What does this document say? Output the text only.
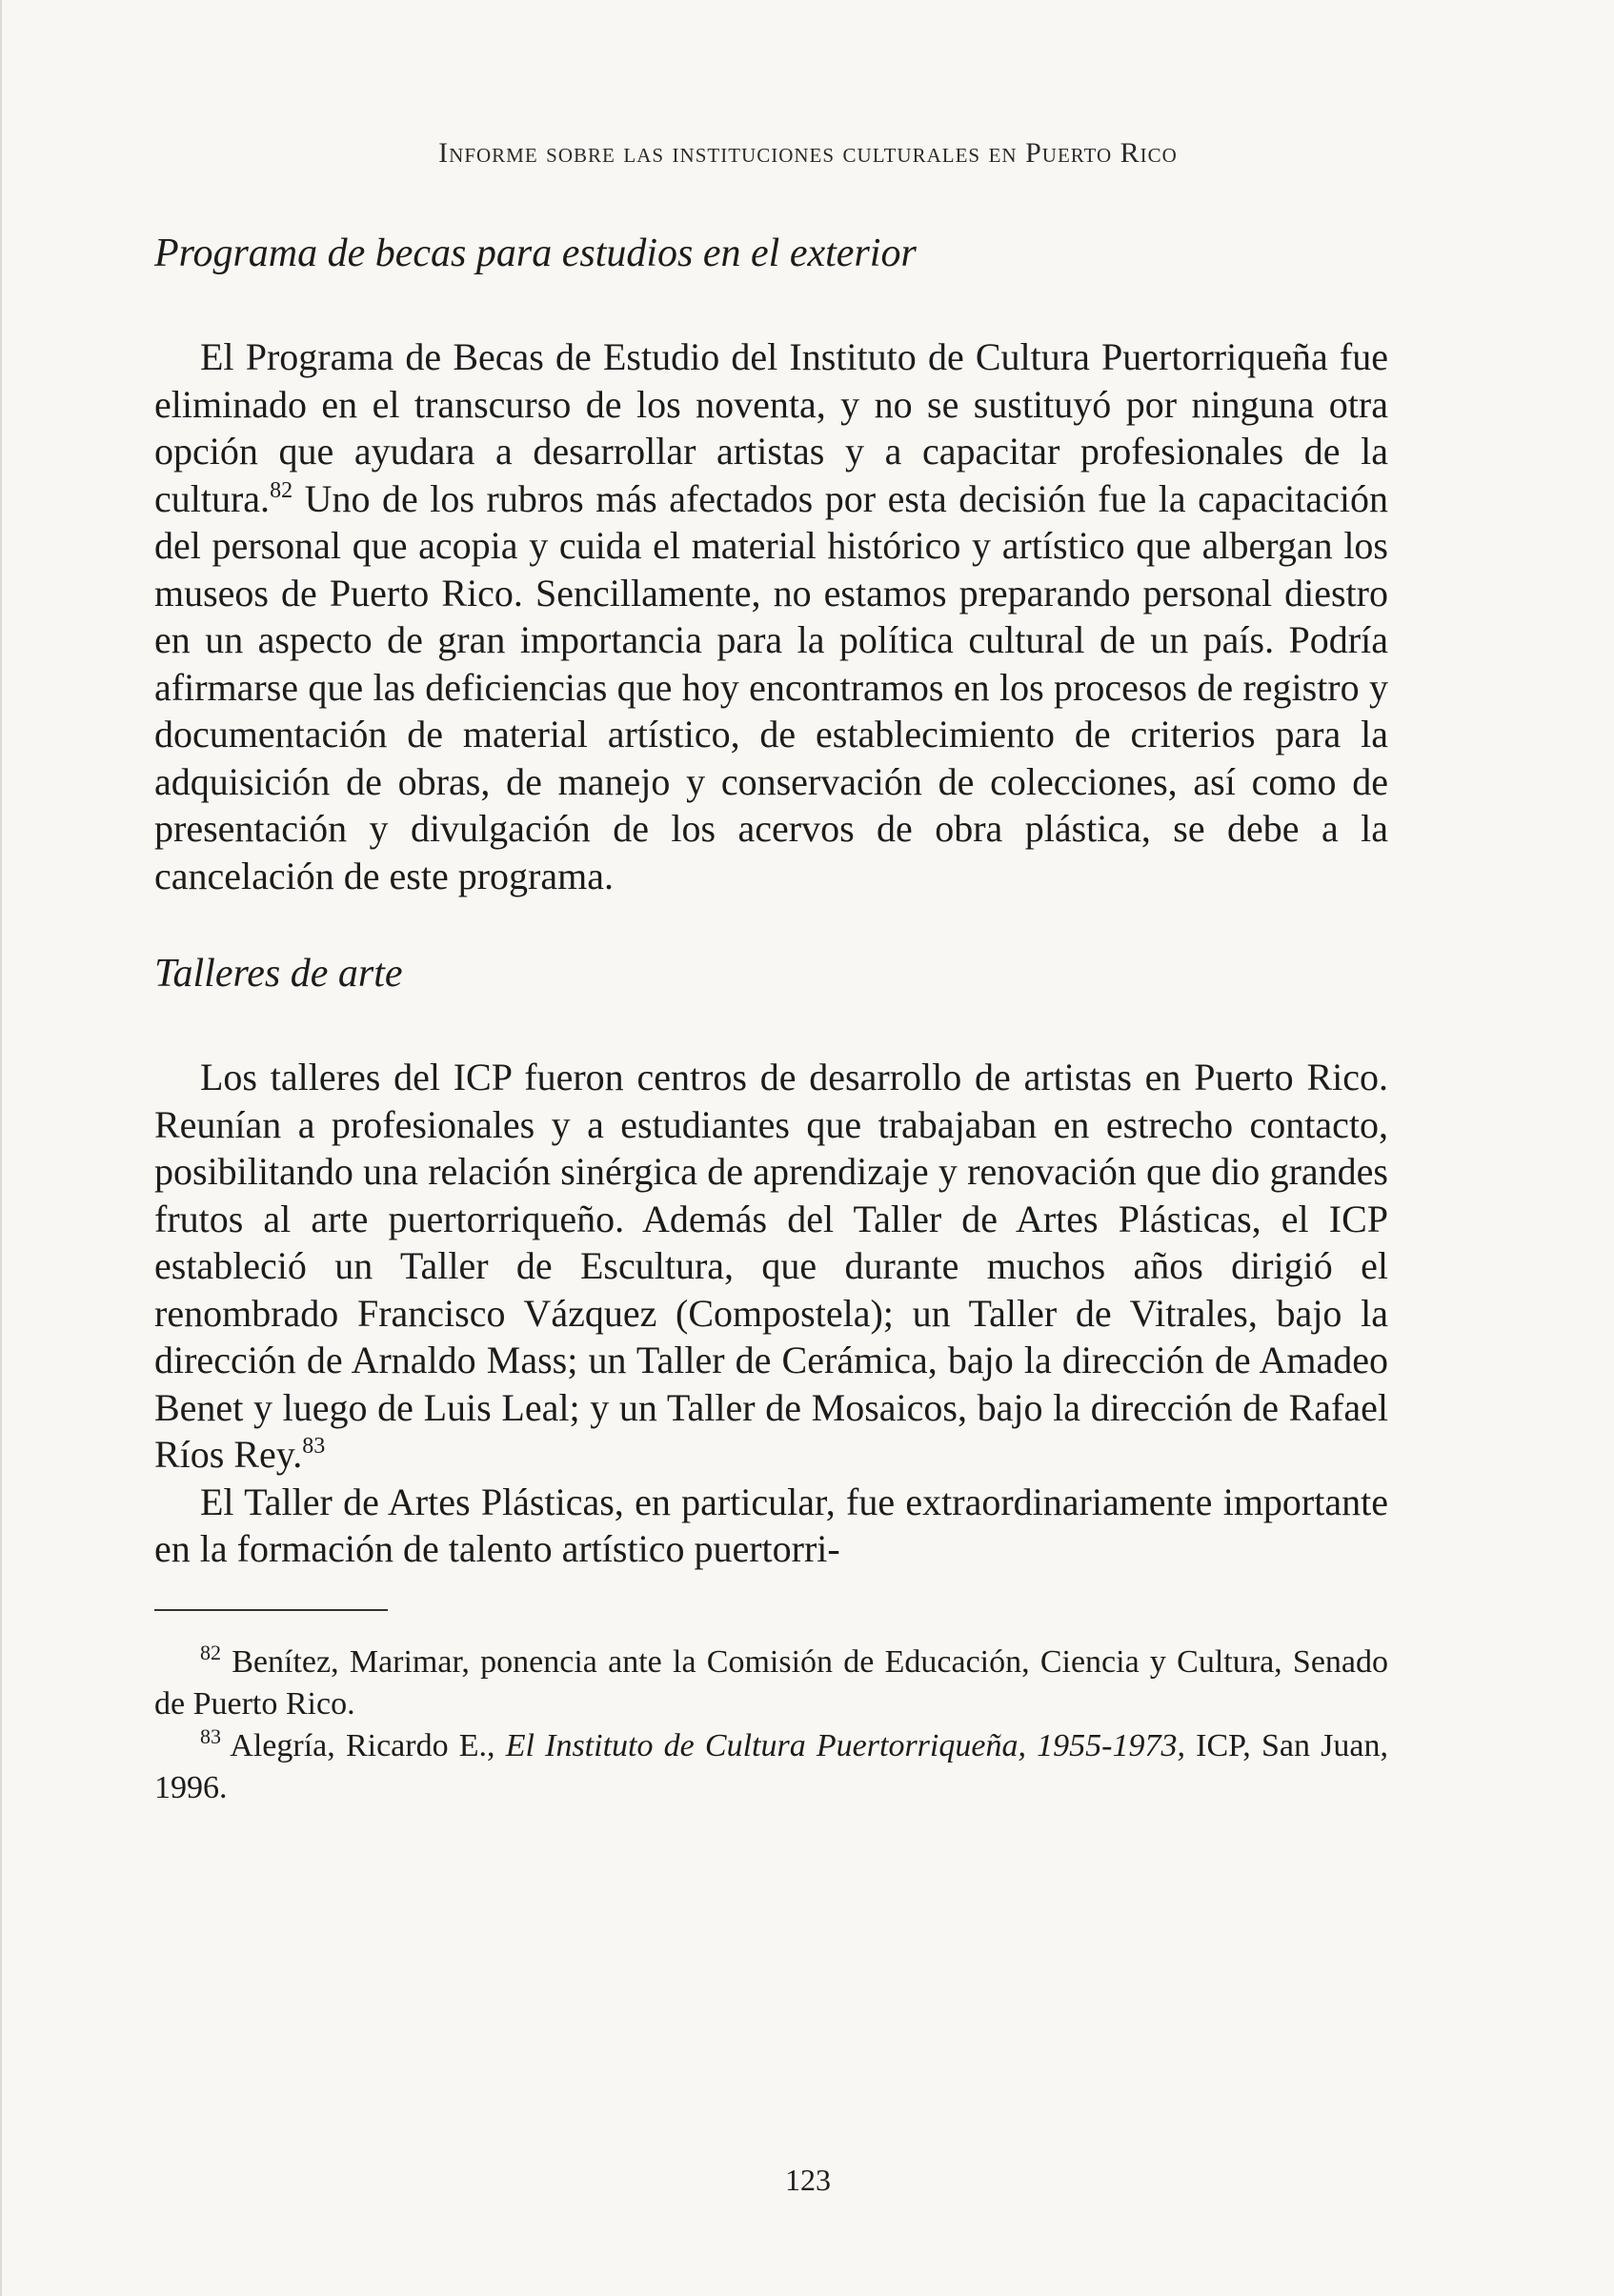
Informe sobre las instituciones culturales en Puerto Rico
Programa de becas para estudios en el exterior

El Programa de Becas de Estudio del Instituto de Cultura Puertorriqueña fue eliminado en el transcurso de los noventa, y no se sustituyó por ninguna otra opción que ayudara a desarrollar artistas y a capacitar profesionales de la cultura.$^{82}$ Uno de los rubros más afectados por esta decisión fue la capacitación del personal que acopia y cuida el material histórico y artístico que albergan los museos de Puerto Rico. Sencillamente, no estamos preparando personal diestro en un aspecto de gran importancia para la política cultural de un país. Podría afirmarse que las deficiencias que hoy encontramos en los procesos de registro y documentación de material artístico, de establecimiento de criterios para la adquisición de obras, de manejo y conservación de colecciones, así como de presentación y divulgación de los acervos de obra plástica, se debe a la cancelación de este programa.

Talleres de arte

Los talleres del ICP fueron centros de desarrollo de artistas en Puerto Rico. Reunían a profesionales y a estudiantes que trabajaban en estrecho contacto, posibilitando una relación sinérgica de aprendizaje y renovación que dio grandes frutos al arte puertorriqueño. Además del Taller de Artes Plásticas, el ICP estableció un Taller de Escultura, que durante muchos años dirigió el renombrado Francisco Vázquez (Compostela); un Taller de Vitrales, bajo la dirección de Arnaldo Mass; un Taller de Cerámica, bajo la dirección de Amadeo Benet y luego de Luis Leal; y un Taller de Mosaicos, bajo la dirección de Rafael Ríos Rey.$^{83}$

El Taller de Artes Plásticas, en particular, fue extraordinariamente importante en la formación de talento artístico puertorri-

$^{82}$ Benítez, Marimar, ponencia ante la Comisión de Educación, Ciencia y Cultura, Senado de Puerto Rico.

$^{83}$ Alegría, Ricardo E., El Instituto de Cultura Puertorriqueña, 1955-1973, ICP, San Juan, 1996.

123
